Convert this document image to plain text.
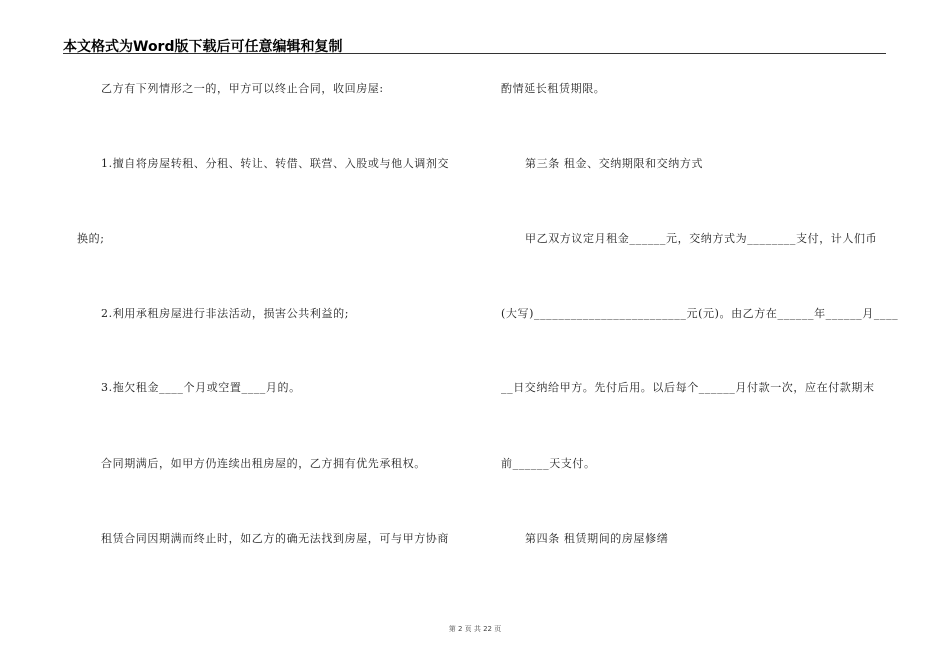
本文格式为Word版下载后可任意编辑和复制
乙方有下列情形之一的，甲方可以终止合同，收回房屋:
1.擅自将房屋转租、分租、转让、转借、联营、入股或与他人调剂交
换的;
2.利用承租房屋进行非法活动，损害公共利益的;
3.拖欠租金____个月或空置____月的。
合同期满后，如甲方仍连续出租房屋的，乙方拥有优先承租权。
租赁合同因期满而终止时，如乙方的确无法找到房屋，可与甲方协商
酌情延长租赁期限。
第三条 租金、交纳期限和交纳方式
甲乙双方议定月租金______元，交纳方式为________支付，计人们币
(大写)_________________________元(元)。由乙方在______年______月____
__日交纳给甲方。先付后用。以后每个______月付款一次，应在付款期末
前______天支付。
第四条 租赁期间的房屋修缮
第 2 页 共 22 页
